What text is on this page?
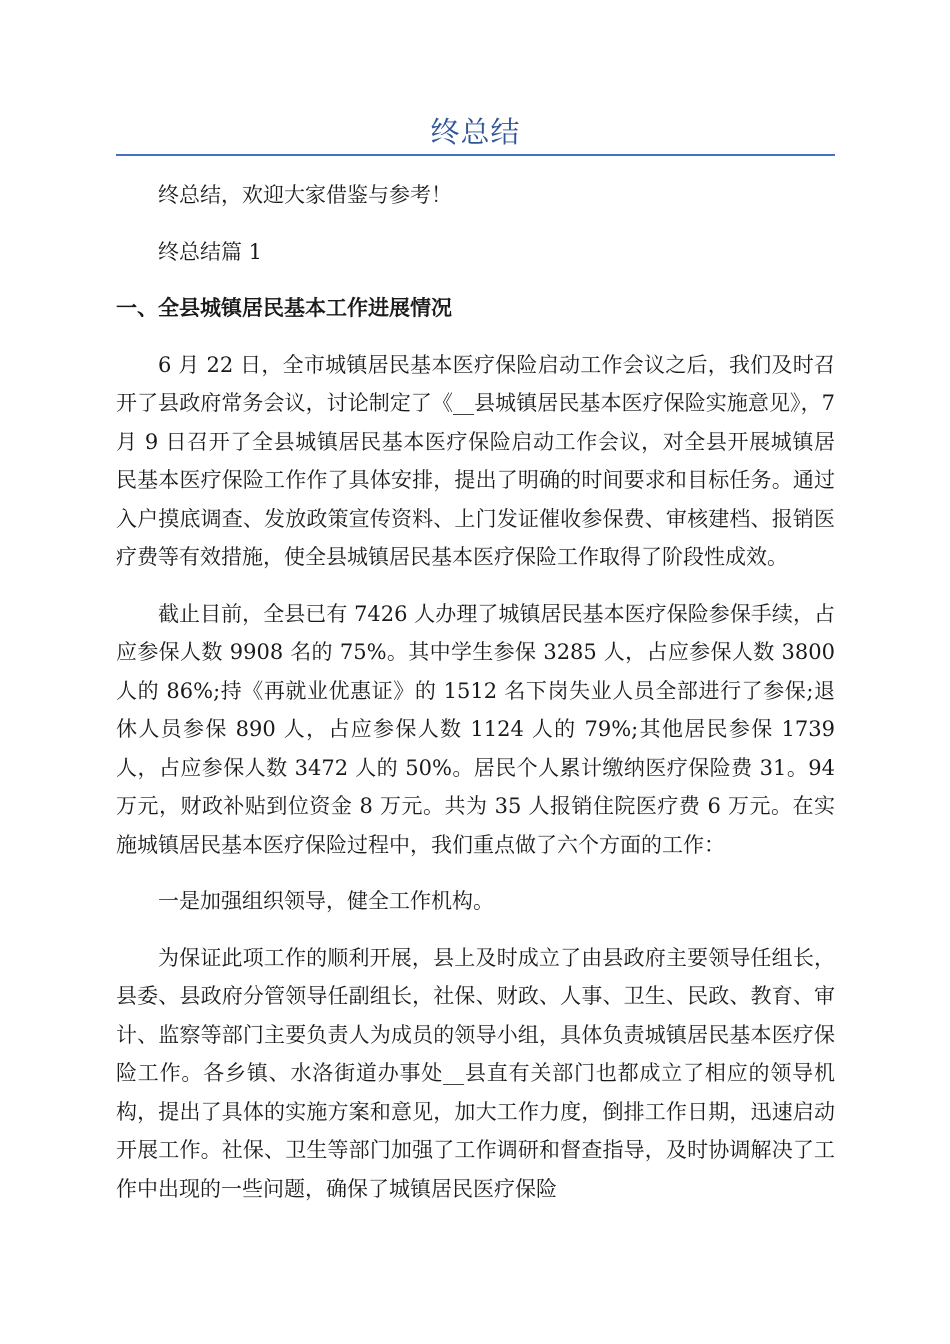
终总结

终总结，欢迎大家借鉴与参考！

终总结篇 1

一、全县城镇居民基本工作进展情况

6 月 22 日，全市城镇居民基本医疗保险启动工作会议之后，我们及时召开了县政府常务会议，讨论制定了《__县城镇居民基本医疗保险实施意见》，7 月 9 日召开了全县城镇居民基本医疗保险启动工作会议，对全县开展城镇居民基本医疗保险工作作了具体安排，提出了明确的时间要求和目标任务。通过入户摸底调查、发放政策宣传资料、上门发证催收参保费、审核建档、报销医疗费等有效措施，使全县城镇居民基本医疗保险工作取得了阶段性成效。

截止目前，全县已有 7426 人办理了城镇居民基本医疗保险参保手续，占应参保人数 9908 名的 75%。其中学生参保 3285 人，占应参保人数 3800 人的 86%;持《再就业优惠证》的 1512 名下岗失业人员全部进行了参保;退休人员参保 890 人，占应参保人数 1124 人的 79%;其他居民参保 1739 人，占应参保人数 3472 人的 50%。居民个人累计缴纳医疗保险费 31。94 万元，财政补贴到位资金 8 万元。共为 35 人报销住院医疗费 6 万元。在实施城镇居民基本医疗保险过程中，我们重点做了六个方面的工作：

一是加强组织领导，健全工作机构。

为保证此项工作的顺利开展，县上及时成立了由县政府主要领导任组长，县委、县政府分管领导任副组长，社保、财政、人事、卫生、民政、教育、审计、监察等部门主要负责人为成员的领导小组，具体负责城镇居民基本医疗保险工作。各乡镇、水洛街道办事处__县直有关部门也都成立了相应的领导机构，提出了具体的实施方案和意见，加大工作力度，倒排工作日期，迅速启动开展工作。社保、卫生等部门加强了工作调研和督查指导，及时协调解决了工作中出现的一些问题，确保了城镇居民医疗保险
